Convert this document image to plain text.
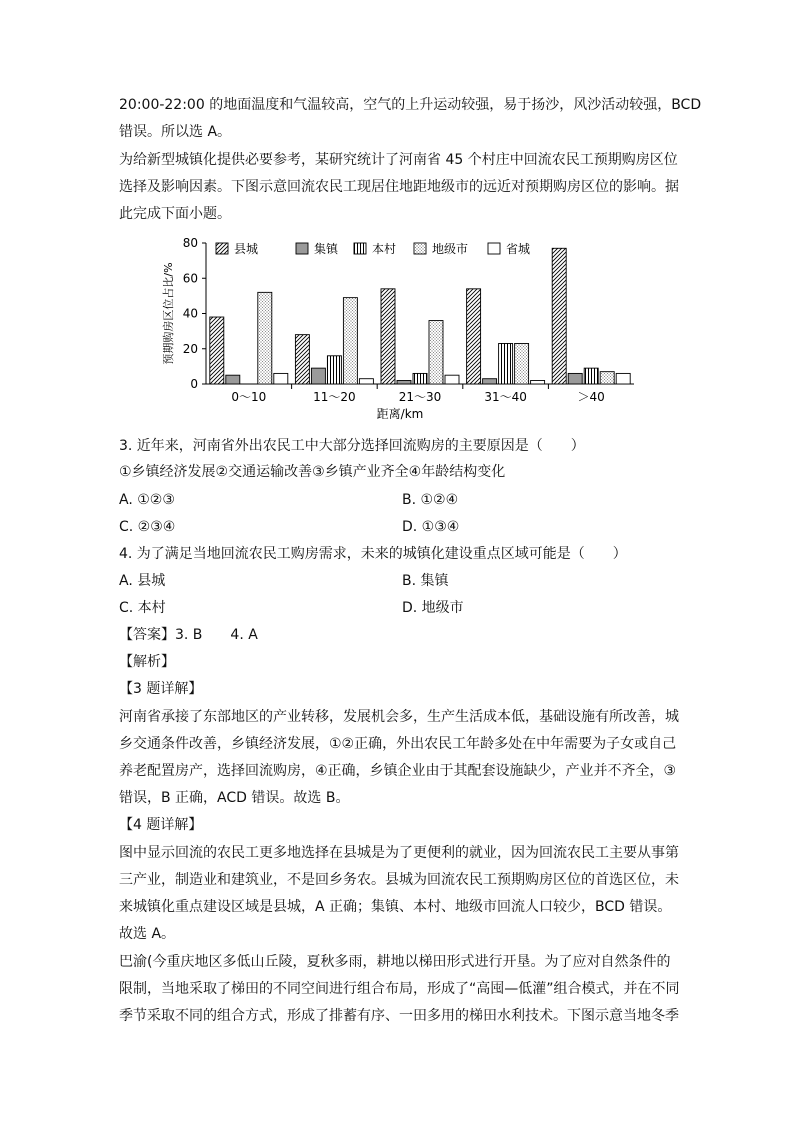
20:00-22:00 的地面温度和气温较高，空气的上升运动较强，易于扬沙，风沙活动较强，BCD
错误。所以选 A。
为给新型城镇化提供必要参考，某研究统计了河南省 45 个村庄中回流农民工预期购房区位
选择及影响因素。下图示意回流农民工现居住地距地级市的远近对预期购房区位的影响。据
此完成下面小题。
县城	集镇	本村	地级市	省城
0
20
40
60
80
0～10	11～20	21～30	31～40	＞40
距离/km
预期购房区位占比/%
3. 近年来，河南省外出农民工中大部分选择回流购房的主要原因是（　　）
①乡镇经济发展②交通运输改善③乡镇产业齐全④年龄结构变化
A. ①②③	B. ①②④
C. ②③④	D. ①③④
4. 为了满足当地回流农民工购房需求，未来的城镇化建设重点区域可能是（　　）
A. 县城	B. 集镇
C. 本村	D. 地级市
【答案】3. B　　4. A
【解析】
【3 题详解】
河南省承接了东部地区的产业转移，发展机会多，生产生活成本低，基础设施有所改善，城
乡交通条件改善，乡镇经济发展，①②正确，外出农民工年龄多处在中年需要为子女或自己
养老配置房产，选择回流购房，④正确，乡镇企业由于其配套设施缺少，产业并不齐全，③
错误，B 正确，ACD 错误。故选 B。
【4 题详解】
图中显示回流的农民工更多地选择在县城是为了更便利的就业，因为回流农民工主要从事第
三产业，制造业和建筑业，不是回乡务农。县城为回流农民工预期购房区位的首选区位，未
来城镇化重点建设区域是县城，A 正确；集镇、本村、地级市回流人口较少，BCD 错误。
故选 A。
巴渝(今重庆地区多低山丘陵，夏秋多雨，耕地以梯田形式进行开垦。为了应对自然条件的
限制，当地采取了梯田的不同空间进行组合布局，形成了“高囤—低灌”组合模式，并在不同
季节采取不同的组合方式，形成了排蓄有序、一田多用的梯田水利技术。下图示意当地冬季
